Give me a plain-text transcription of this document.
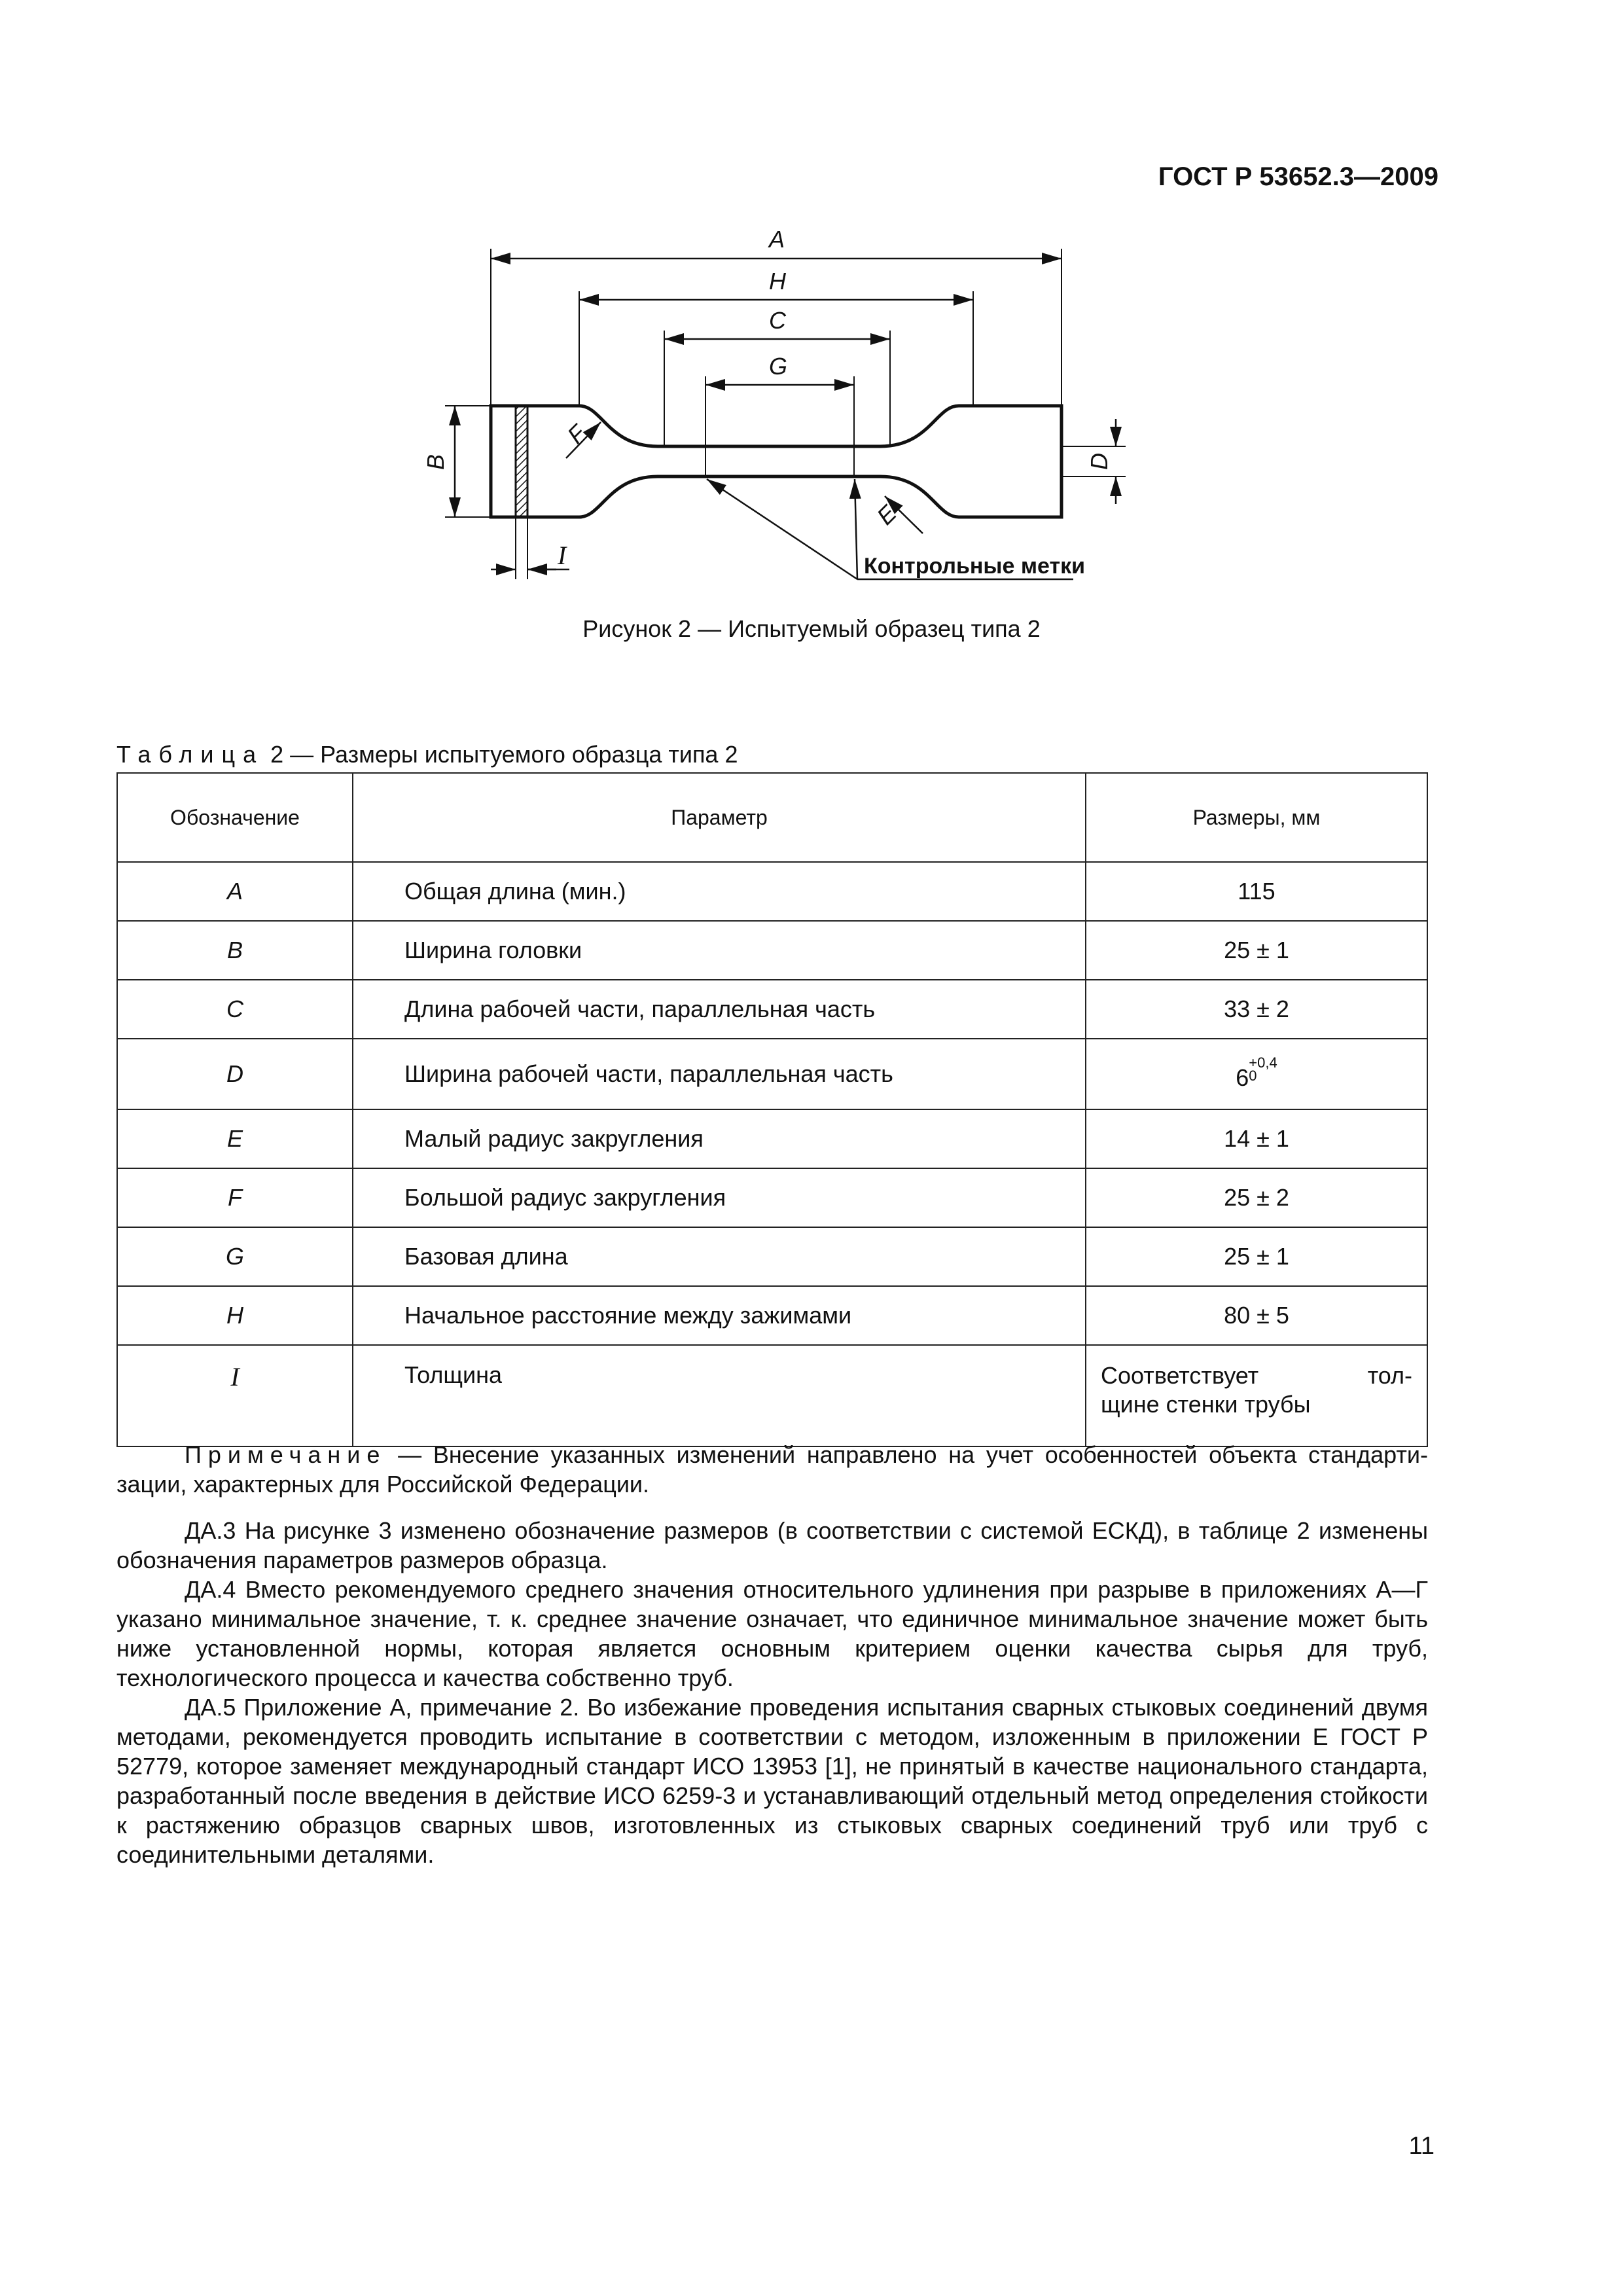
ГОСТ Р 53652.3—2009
A
H
C
G
B	D
F
E
I	Контрольные метки
Рисунок 2 — Испытуемый образец типа 2
Таблица 2 — Размеры испытуемого образца типа 2
Обозначение	Параметр	Размеры, мм
A	Общая длина (мин.)	115
B	Ширина головки	25 ± 1
C	Длина рабочей части, параллельная часть	33 ± 2
D	Ширина рабочей части, параллельная часть	$6^{+0,4 0}$
E	Малый радиус закругления	14 ± 1
F	Большой радиус закругления	25 ± 2
G	Базовая длина	25 ± 1
H	Начальное расстояние между зажимами	80 ± 5
I	Толщина	Соответствует тол-
щине стенки трубы
Примечание — Внесение указанных изменений направлено на учет особенностей объекта стандартизации, характерных для Российской Федерации.
ДА.3 На рисунке 3 изменено обозначение размеров (в соответствии с системой ЕСКД), в таблице 2 изменены обозначения параметров размеров образца.
ДА.4 Вместо рекомендуемого среднего значения относительного удлинения при разрыве в приложениях А—Г указано минимальное значение, т. к. среднее значение означает, что единичное минимальное значение может быть ниже установленной нормы, которая является основным критерием оценки качества сырья для труб, технологического процесса и качества собственно труб.
ДА.5 Приложение А, примечание 2. Во избежание проведения испытания сварных стыковых соединений двумя методами, рекомендуется проводить испытание в соответствии с методом, изложенным в приложении Е ГОСТ Р 52779, которое заменяет международный стандарт ИСО 13953 [1], не принятый в качестве национального стандарта, разработанный после введения в действие ИСО 6259-3 и устанавливающий отдельный метод определения стойкости к растяжению образцов сварных швов, изготовленных из стыковых сварных соединений труб или труб с соединительными деталями.
11
